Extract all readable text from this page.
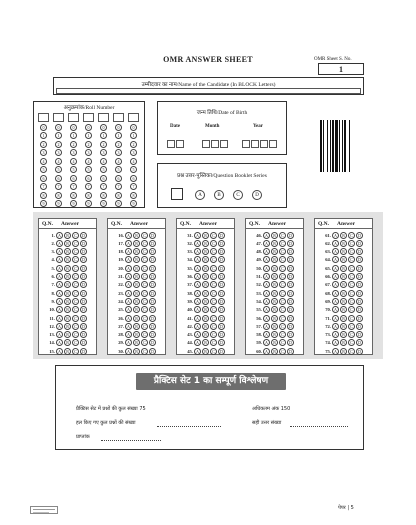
OMR ANSWER SHEET	OMR Sheet S. No.
1
उम्मीदवार का नाम/Name of the Candidate (In BLOCK Letters)
अनुक्रमांक/Roll Number
0
1
2
3
4
5
6
7
8
9
0
1
2
3
4
5
6
7
8
9
0
1
2
3
4
5
6
7
8
9
0
1
2
3
4
5
6
7
8
9
0
1
2
3
4
5
6
7
8
9
0
1
2
3
4
5
6
7
8
9
0
1
2
3
4
5
6
7
8
9
जन्म तिथि/Date of Birth
Date	Month	Year
प्रश्न उत्तर-पुस्तिका/Question Booklet Series
A	B	C	D
Q.N. Answer
1. A	B	C	D
2. A	B	C	D
3. A	B	C	D
4. A	B	C	D
5. A	B	C	D
6. A	B	C	D
7. A	B	C	D
8. A	B	C	D
9. A	B	C	D
10. A	B	C	D
11. A	B	C	D
12. A	B	C	D
13. A	B	C	D
14. A	B	C	D
15. A	B	C	D
Q.N. Answer
16. A	B	C	D
17. A	B	C	D
18. A	B	C	D
19. A	B	C	D
20. A	B	C	D
21. A	B	C	D
22. A	B	C	D
23. A	B	C	D
24. A	B	C	D
25. A	B	C	D
26. A	B	C	D
27. A	B	C	D
28. A	B	C	D
29. A	B	C	D
30. A	B	C	D
Q.N. Answer
31. A	B	C	D
32. A	B	C	D
33. A	B	C	D
34. A	B	C	D
35. A	B	C	D
36. A	B	C	D
37. A	B	C	D
38. A	B	C	D
39. A	B	C	D
40. A	B	C	D
41. A	B	C	D
42. A	B	C	D
43. A	B	C	D
44. A	B	C	D
45. A	B	C	D
Q.N. Answer
46. A	B	C	D
47. A	B	C	D
48. A	B	C	D
49. A	B	C	D
50. A	B	C	D
51. A	B	C	D
52. A	B	C	D
53. A	B	C	D
54. A	B	C	D
55. A	B	C	D
56. A	B	C	D
57. A	B	C	D
58. A	B	C	D
59. A	B	C	D
60. A	B	C	D
Q.N. Answer
61. A	B	C	D
62. A	B	C	D
63. A	B	C	D
64. A	B	C	D
65. A	B	C	D
66. A	B	C	D
67. A	B	C	D
68. A	B	C	D
69. A	B	C	D
70. A	B	C	D
71. A	B	C	D
72. A	B	C	D
73. A	B	C	D
74. A	B	C	D
75. A	B	C	D
प्रैक्टिस सेट 1 का सम्पूर्ण विश्लेषण
प्रैक्टिस सेट में प्रश्नों की कुल संख्या 75	अधिकतम अंक 150
हल किए गए कुल प्रश्नों की संख्या	सही उत्तर संख्या
प्राप्तांक
पेपर | 5
